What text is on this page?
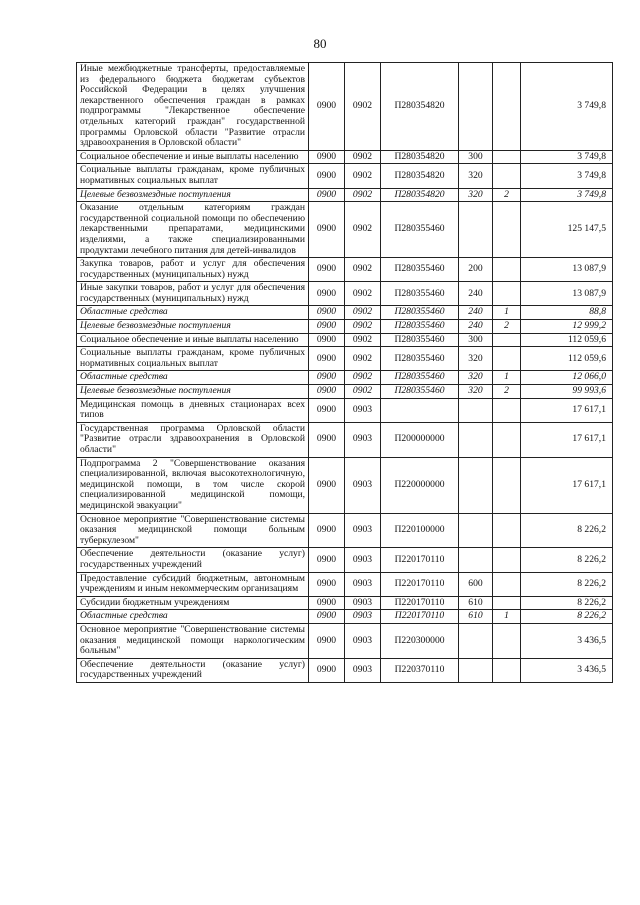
80
Иные межбюджетные трансферты, предоставляемые из федерального бюджета бюджетам субъектов Российской Федерации в целях улучшения лекарственного обеспечения граждан в рамках подпрограммы "Лекарственное обеспечение отдельных категорий граждан" государственной программы Орловской области "Развитие отрасли здравоохранения в Орловской области"	0900	0902	П280354820			3 749,8
Социальное обеспечение и иные выплаты населению	0900	0902	П280354820	300		3 749,8
Социальные выплаты гражданам, кроме публичных нормативных социальных выплат	0900	0902	П280354820	320		3 749,8
Целевые безвозмездные поступления	0900	0902	П280354820	320	2	3 749,8
Оказание отдельным категориям граждан государственной социальной помощи по обеспечению лекарственными препаратами, медицинскими изделиями, а также специализированными продуктами лечебного питания для детей-инвалидов	0900	0902	П280355460			125 147,5
Закупка товаров, работ и услуг для обеспечения государственных (муниципальных) нужд	0900	0902	П280355460	200		13 087,9
Иные закупки товаров, работ и услуг для обеспечения государственных (муниципальных) нужд	0900	0902	П280355460	240		13 087,9
Областные средства	0900	0902	П280355460	240	1	88,8
Целевые безвозмездные поступления	0900	0902	П280355460	240	2	12 999,2
Социальное обеспечение и иные выплаты населению	0900	0902	П280355460	300		112 059,6
Социальные выплаты гражданам, кроме публичных нормативных социальных выплат	0900	0902	П280355460	320		112 059,6
Областные средства	0900	0902	П280355460	320	1	12 066,0
Целевые безвозмездные поступления	0900	0902	П280355460	320	2	99 993,6
Медицинская помощь в дневных стационарах всех типов	0900	0903				17 617,1
Государственная программа Орловской области "Развитие отрасли здравоохранения в Орловской области"	0900	0903	П200000000			17 617,1
Подпрограмма 2 "Совершенствование оказания специализированной, включая высокотехнологичную, медицинской помощи, в том числе скорой специализированной медицинской помощи, медицинской эвакуации"	0900	0903	П220000000			17 617,1
Основное мероприятие "Совершенствование системы оказания медицинской помощи больным туберкулезом"	0900	0903	П220100000			8 226,2
Обеспечение деятельности (оказание услуг) государственных учреждений	0900	0903	П220170110			8 226,2
Предоставление субсидий бюджетным, автономным учреждениям и иным некоммерческим организациям	0900	0903	П220170110	600		8 226,2
Субсидии бюджетным учреждениям	0900	0903	П220170110	610		8 226,2
Областные средства	0900	0903	П220170110	610	1	8 226,2
Основное мероприятие "Совершенствование системы оказания медицинской помощи наркологическим больным"	0900	0903	П220300000			3 436,5
Обеспечение деятельности (оказание услуг) государственных учреждений	0900	0903	П220370110			3 436,5
